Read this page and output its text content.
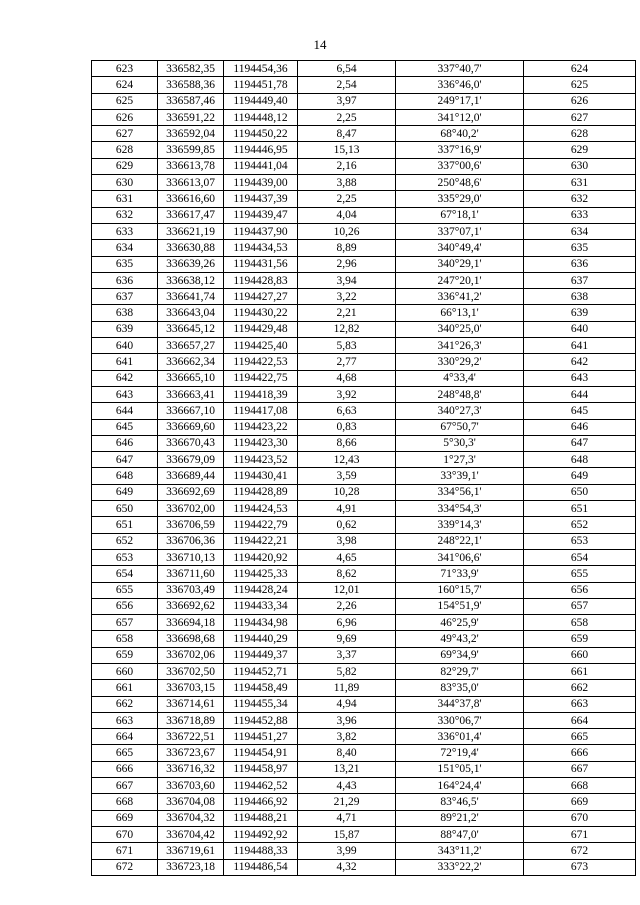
14
623	336582,35	1194454,36	6,54	337°40,7'	624
624	336588,36	1194451,78	2,54	336°46,0'	625
625	336587,46	1194449,40	3,97	249°17,1'	626
626	336591,22	1194448,12	2,25	341°12,0'	627
627	336592,04	1194450,22	8,47	68°40,2'	628
628	336599,85	1194446,95	15,13	337°16,9'	629
629	336613,78	1194441,04	2,16	337°00,6'	630
630	336613,07	1194439,00	3,88	250°48,6'	631
631	336616,60	1194437,39	2,25	335°29,0'	632
632	336617,47	1194439,47	4,04	67°18,1'	633
633	336621,19	1194437,90	10,26	337°07,1'	634
634	336630,88	1194434,53	8,89	340°49,4'	635
635	336639,26	1194431,56	2,96	340°29,1'	636
636	336638,12	1194428,83	3,94	247°20,1'	637
637	336641,74	1194427,27	3,22	336°41,2'	638
638	336643,04	1194430,22	2,21	66°13,1'	639
639	336645,12	1194429,48	12,82	340°25,0'	640
640	336657,27	1194425,40	5,83	341°26,3'	641
641	336662,34	1194422,53	2,77	330°29,2'	642
642	336665,10	1194422,75	4,68	4°33,4'	643
643	336663,41	1194418,39	3,92	248°48,8'	644
644	336667,10	1194417,08	6,63	340°27,3'	645
645	336669,60	1194423,22	0,83	67°50,7'	646
646	336670,43	1194423,30	8,66	5°30,3'	647
647	336679,09	1194423,52	12,43	1°27,3'	648
648	336689,44	1194430,41	3,59	33°39,1'	649
649	336692,69	1194428,89	10,28	334°56,1'	650
650	336702,00	1194424,53	4,91	334°54,3'	651
651	336706,59	1194422,79	0,62	339°14,3'	652
652	336706,36	1194422,21	3,98	248°22,1'	653
653	336710,13	1194420,92	4,65	341°06,6'	654
654	336711,60	1194425,33	8,62	71°33,9'	655
655	336703,49	1194428,24	12,01	160°15,7'	656
656	336692,62	1194433,34	2,26	154°51,9'	657
657	336694,18	1194434,98	6,96	46°25,9'	658
658	336698,68	1194440,29	9,69	49°43,2'	659
659	336702,06	1194449,37	3,37	69°34,9'	660
660	336702,50	1194452,71	5,82	82°29,7'	661
661	336703,15	1194458,49	11,89	83°35,0'	662
662	336714,61	1194455,34	4,94	344°37,8'	663
663	336718,89	1194452,88	3,96	330°06,7'	664
664	336722,51	1194451,27	3,82	336°01,4'	665
665	336723,67	1194454,91	8,40	72°19,4'	666
666	336716,32	1194458,97	13,21	151°05,1'	667
667	336703,60	1194462,52	4,43	164°24,4'	668
668	336704,08	1194466,92	21,29	83°46,5'	669
669	336704,32	1194488,21	4,71	89°21,2'	670
670	336704,42	1194492,92	15,87	88°47,0'	671
671	336719,61	1194488,33	3,99	343°11,2'	672
672	336723,18	1194486,54	4,32	333°22,2'	673
